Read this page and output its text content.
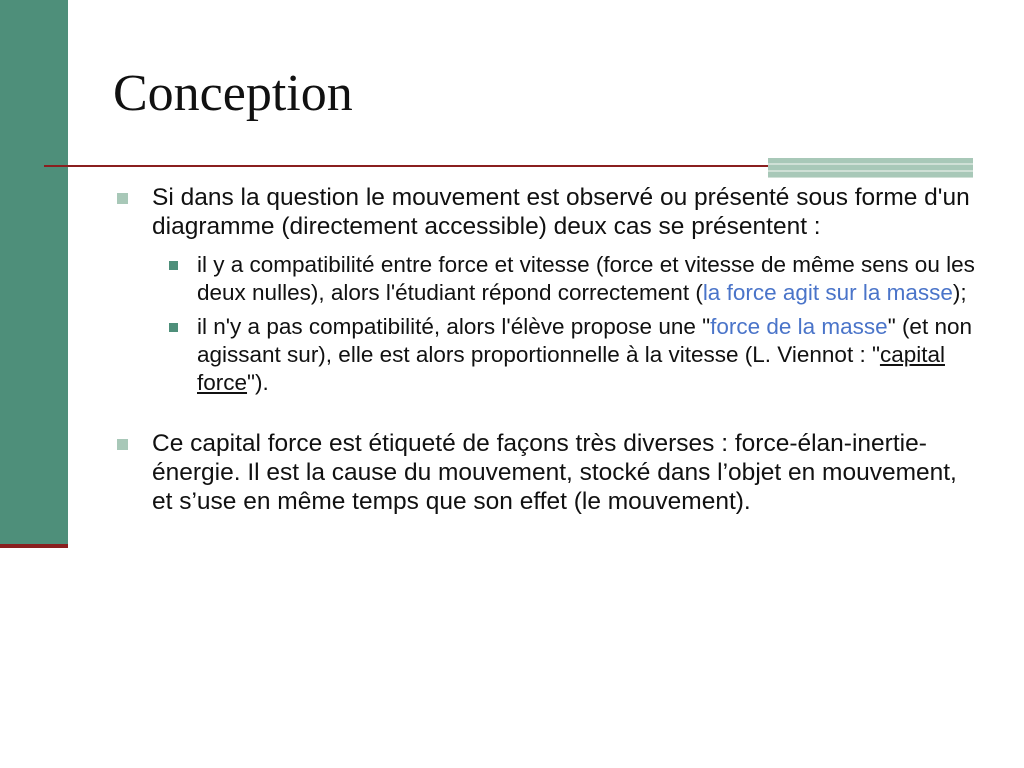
Conception
Si dans la question le mouvement est observé ou présenté sous forme d'un diagramme (directement accessible) deux cas se présentent :
il y a compatibilité entre force et vitesse (force et vitesse de même sens ou les deux nulles), alors l'étudiant répond correctement (la force agit sur la masse);
il n'y a pas compatibilité, alors l'élève propose une "force de la masse" (et non agissant sur), elle est alors proportionnelle à la vitesse (L. Viennot : "capital force").
Ce capital force est étiqueté de façons très diverses : force-élan-inertie-énergie. Il est la cause du mouvement, stocké dans l’objet en mouvement, et s’use en même temps que son effet (le mouvement).
